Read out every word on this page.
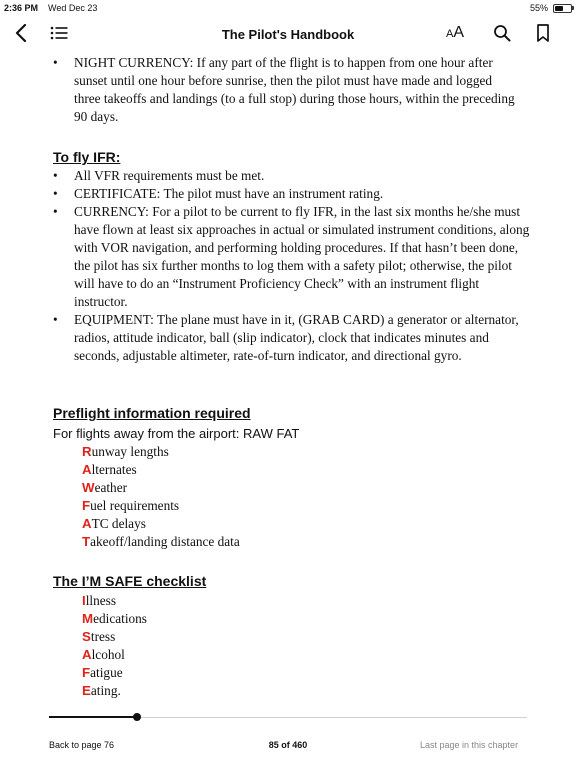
2:36 PM Wed Dec 23	55%
The Pilot's Handbook	A A
• NIGHT CURRENCY: If any part of the flight is to happen from one hour after sunset until one hour before sunrise, then the pilot must have made and logged three takeoffs and landings (to a full stop) during those hours, within the preceding 90 days.
To fly IFR:
• All VFR requirements must be met.
• CERTIFICATE: The pilot must have an instrument rating.
• CURRENCY: For a pilot to be current to fly IFR, in the last six months he/she must have flown at least six approaches in actual or simulated instrument conditions, along with VOR navigation, and performing holding procedures. If that hasn’t been done, the pilot has six further months to log them with a safety pilot; otherwise, the pilot will have to do an “Instrument Proficiency Check” with an instrument flight instructor.
• EQUIPMENT: The plane must have in it, (GRAB CARD) a generator or alternator, radios, attitude indicator, ball (slip indicator), clock that indicates minutes and seconds, adjustable altimeter, rate-of-turn indicator, and directional gyro.
Preflight information required
For flights away from the airport: RAW FAT
Runway lengths
Alternates
Weather
Fuel requirements
ATC delays
Takeoff/landing distance data
The I’M SAFE checklist
Illness
Medications
Stress
Alcohol
Fatigue
Eating.
Back to page 76	85 of 460	Last page in this chapter
